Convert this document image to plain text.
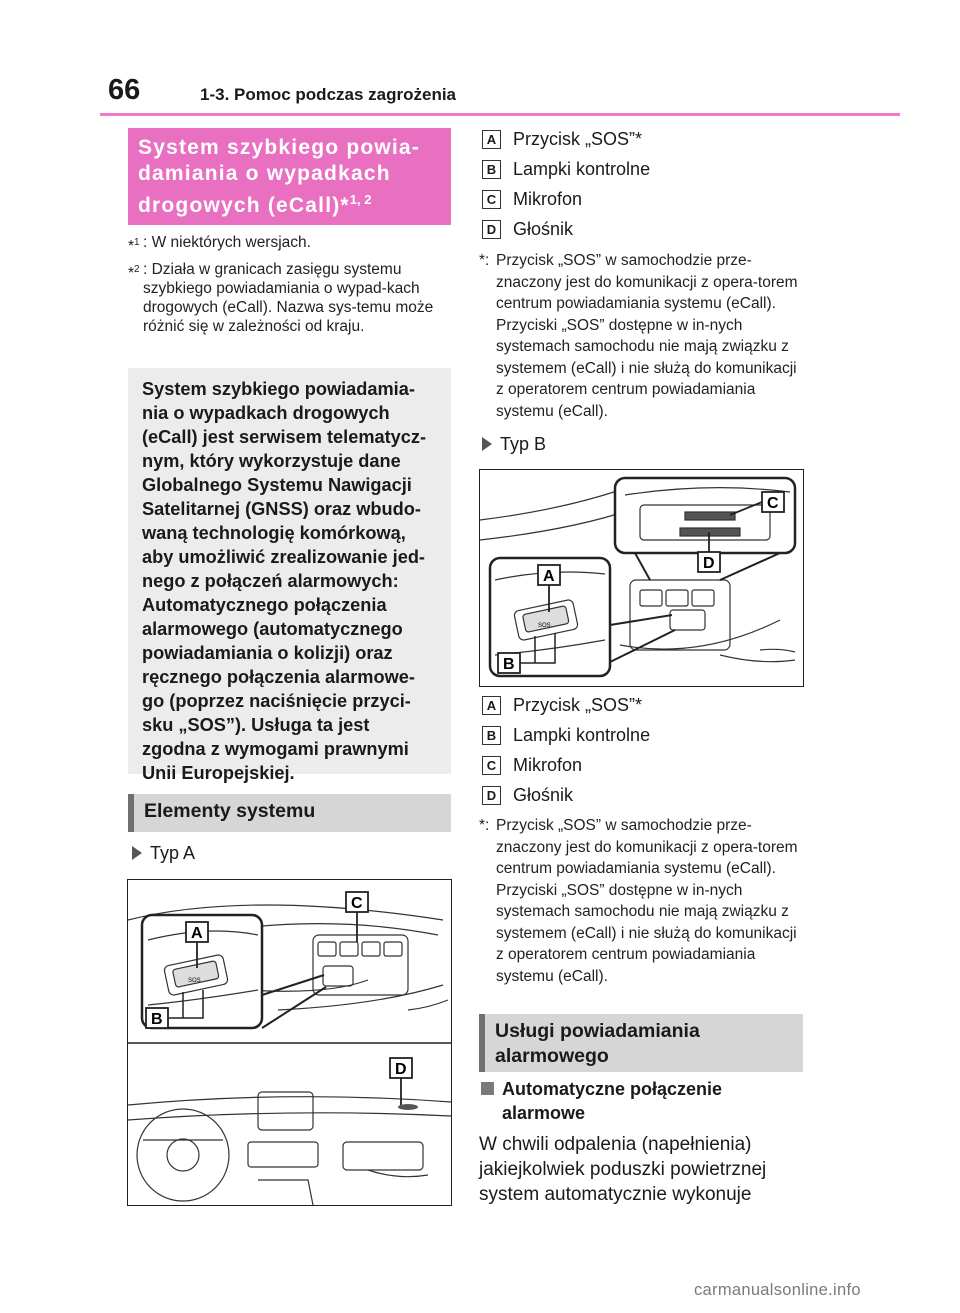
66	1-3. Pomoc podczas zagrożenia
System szybkiego powia-damiania o wypadkach drogowych (eCall)*$^{1, 2}$
*$^1$ : W niektórych wersjach.
*$^2$ : Działa w granicach zasięgu systemu szybkiego powiadamiania o wypad-kach drogowych (eCall). Nazwa sys-temu może różnić się w zależności od kraju.
System szybkiego powiadamia-nia o wypadkach drogowych (eCall) jest serwisem telematycz-nym, który wykorzystuje dane Globalnego Systemu Nawigacji Satelitarnej (GNSS) oraz wbudo-waną technologię komórkową, aby umożliwić zrealizowanie jed-nego z połączeń alarmowych: Automatycznego połączenia alarmowego (automatycznego powiadamiania o kolizji) oraz ręcznego połączenia alarmowe-go (poprzez naciśnięcie przyci-sku „SOS”). Usługa ta jest zgodna z wymogami prawnymi Unii Europejskiej.
Elementy systemu
Typ A
SOS
A
B
C
D
A Przycisk „SOS”*
B Lampki kontrolne
C Mikrofon
D Głośnik
*: Przycisk „SOS” w samochodzie prze-znaczony jest do komunikacji z opera-torem centrum powiadamiania systemu (eCall). Przyciski „SOS” dostępne w in-nych systemach samochodu nie mają związku z systemem (eCall) i nie służą do komunikacji z operatorem centrum powiadamiania systemu (eCall).
Typ B
C
D
SOS
A
B
A Przycisk „SOS”*
B Lampki kontrolne
C Mikrofon
D Głośnik
*: Przycisk „SOS” w samochodzie prze-znaczony jest do komunikacji z opera-torem centrum powiadamiania systemu (eCall). Przyciski „SOS” dostępne w in-nych systemach samochodu nie mają związku z systemem (eCall) i nie służą do komunikacji z operatorem centrum powiadamiania systemu (eCall).
Usługi powiadamiania alarmowego
Automatyczne połączenie alarmowe
W chwili odpalenia (napełnienia) jakiejkolwiek poduszki powietrznej system automatycznie wykonuje
carmanualsonline.info
